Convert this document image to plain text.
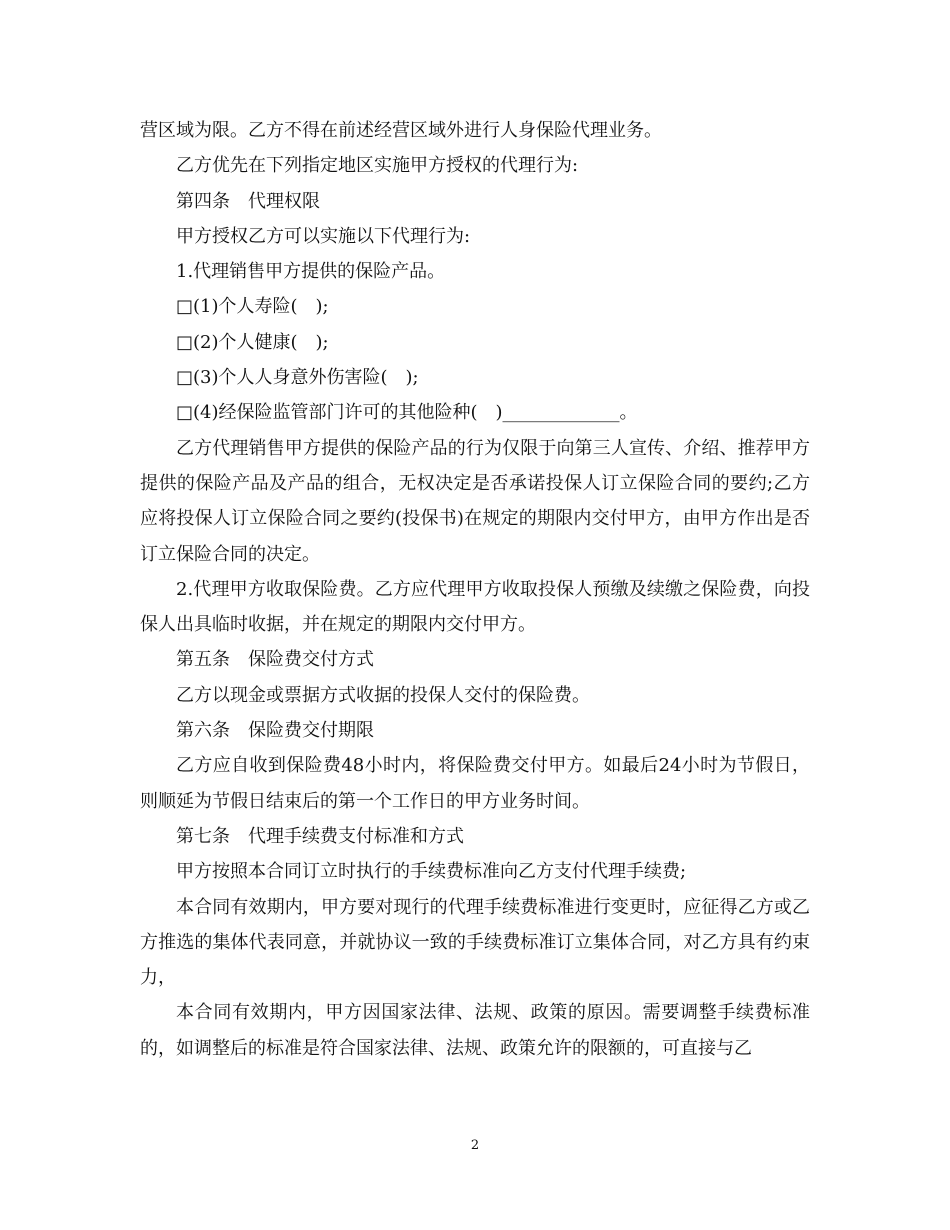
营区域为限。乙方不得在前述经营区域外进行人身保险代理业务。

乙方优先在下列指定地区实施甲方授权的代理行为:

第四条　代理权限

甲方授权乙方可以实施以下代理行为:

1.代理销售甲方提供的保险产品。

□(1)个人寿险(　);

□(2)个人健康(　);

□(3)个人人身意外伤害险(　);

□(4)经保险监管部门许可的其他险种(　)_____________。

乙方代理销售甲方提供的保险产品的行为仅限于向第三人宣传、介绍、推荐甲方提供的保险产品及产品的组合，无权决定是否承诺投保人订立保险合同的要约;乙方应将投保人订立保险合同之要约(投保书)在规定的期限内交付甲方，由甲方作出是否订立保险合同的决定。

2.代理甲方收取保险费。乙方应代理甲方收取投保人预缴及续缴之保险费，向投保人出具临时收据，并在规定的期限内交付甲方。

第五条　保险费交付方式

乙方以现金或票据方式收据的投保人交付的保险费。

第六条　保险费交付期限

乙方应自收到保险费48小时内，将保险费交付甲方。如最后24小时为节假日，则顺延为节假日结束后的第一个工作日的甲方业务时间。

第七条　代理手续费支付标准和方式

甲方按照本合同订立时执行的手续费标准向乙方支付代理手续费;

本合同有效期内，甲方要对现行的代理手续费标准进行变更时，应征得乙方或乙方推选的集体代表同意，并就协议一致的手续费标准订立集体合同，对乙方具有约束力，

本合同有效期内，甲方因国家法律、法规、政策的原因。需要调整手续费标准的，如调整后的标准是符合国家法律、法规、政策允许的限额的，可直接与乙

2
